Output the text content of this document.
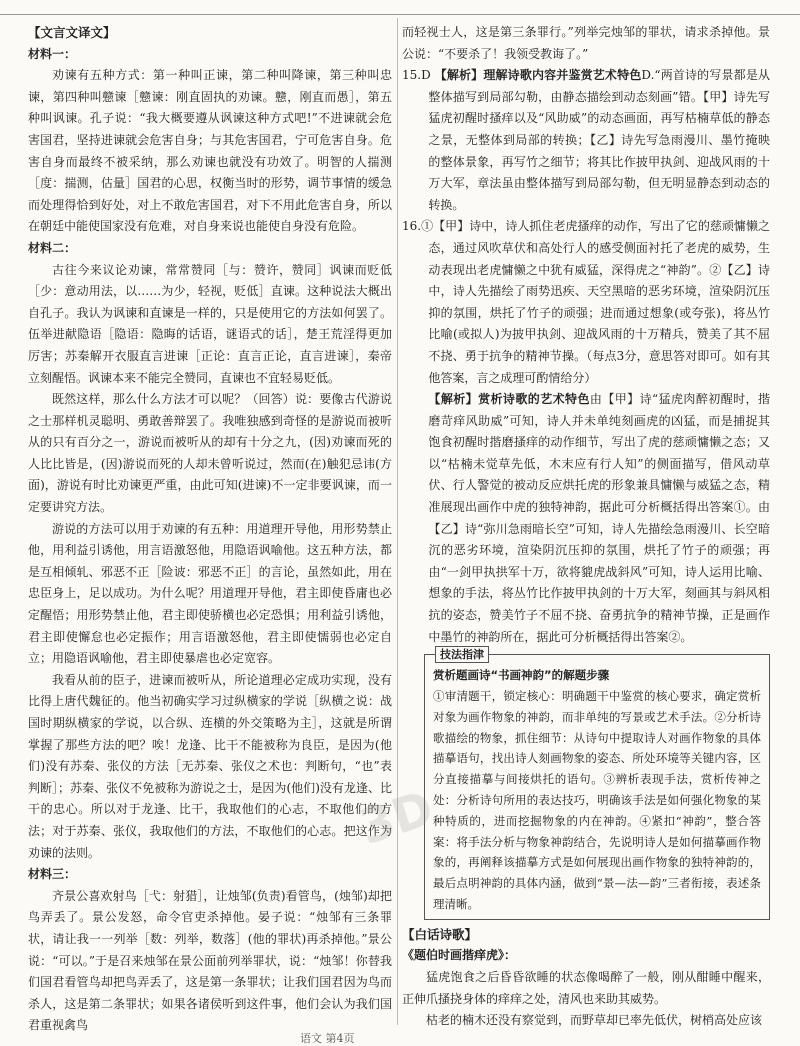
【文言文译文】
材料一：

劝谏有五种方式：第一种叫正谏，第二种叫降谏，第三种叫忠谏，第四种叫戆谏［戆谏：刚直固执的劝谏。戆，刚直而愚］，第五种叫讽谏。孔子说：“我大概要遵从讽谏这种方式吧!”不进谏就会危害国君，坚持进谏就会危害自身；与其危害国君，宁可危害自身。危害自身而最终不被采纳，那么劝谏也就没有功效了。明智的人揣测［度：揣测，估量］国君的心思，权衡当时的形势，调节事情的缓急而处理得恰到好处，对上不敢危害国君，对下不用此危害自身，所以在朝廷中能使国家没有危难，对自身来说也能使自身没有危险。

材料二：

古往今来议论劝谏，常常赞同［与：赞许，赞同］讽谏而贬低［少：意动用法，以……为少，轻视，贬低］直谏。这种说法大概出自孔子。我认为讽谏和直谏是一样的，只是使用它的方法如何罢了。伍举进献隐语［隐语：隐晦的话语，谜语式的话］，楚王荒淫得更加厉害；苏秦解开衣服直言进谏［正论：直言正论，直言进谏］，秦帝立刻醒悟。讽谏本来不能完全赞同，直谏也不宜轻易贬低。

既然这样，那么什么方法才可以呢？（回答）说：要像古代游说之士那样机灵聪明、勇敢善辩罢了。我唯独感到奇怪的是游说而被听从的只有百分之一，游说而被听从的却有十分之九，(因)劝谏而死的人比比皆是，(因)游说而死的人却未曾听说过，然而(在)触犯忌讳(方面)，游说有时比劝谏更严重，由此可知(进谏)不一定非要讽谏，而一定要讲究方法。

游说的方法可以用于劝谏的有五种：用道理开导他，用形势禁止他，用利益引诱他，用言语激怒他，用隐语讽喻他。这五种方法，都是互相倾轧、邪恶不正［险诐：邪恶不正］的言论，虽然如此，用在忠臣身上，足以成功。为什么呢？用道理开导他，君主即使昏庸也必定醒悟；用形势禁止他，君主即使骄横也必定恐惧；用利益引诱他，君主即使懈怠也必定振作；用言语激怒他，君主即使懦弱也必定自立；用隐语讽喻他，君主即使暴虐也必定宽容。

我看从前的臣子，进谏而被听从，所论道理必定成功实现，没有比得上唐代魏征的。他当初确实学习过纵横家的学说［纵横之说：战国时期纵横家的学说，以合纵、连横的外交策略为主］，这就是所谓掌握了那些方法的吧？唉！龙逢、比干不能被称为良臣，是因为(他们)没有苏秦、张仪的方法［无苏秦、张仪之术也：判断句，“也”表判断］；苏秦、张仪不免被称为游说之士，是因为(他们)没有龙逢、比干的忠心。所以对于龙逢、比干，我取他们的心志，不取他们的方法；对于苏秦、张仪，我取他们的方法，不取他们的心志。把这作为劝谏的法则。

材料三：

齐景公喜欢射鸟［弋：射猎］，让烛邹(负责)看管鸟，(烛邹)却把鸟弄丢了。景公发怒，命令官吏杀掉他。晏子说：“烛邹有三条罪状，请让我一一列举［数：列举，数落］(他的罪状)再杀掉他。”景公说：“可以。”于是召来烛邹在景公面前列举罪状，说：“烛邹！你替我们国君看管鸟却把鸟弄丢了，这是第一条罪状；让我们国君因为鸟而杀人，这是第二条罪状；如果各诸侯听到这件事，他们会认为我们国君重视禽鸟

而轻视士人，这是第三条罪行。”列举完烛邹的罪状，请求杀掉他。景公说：“不要杀了！我领受教诲了。”

15.D 【解析】理解诗歌内容并鉴赏艺术特色D.“两首诗的写景都是从整体描写到局部勾勒，由静态描绘到动态刻画”错。【甲】诗先写猛虎初醒时搔痒以及“风助威”的动态画面，再写枯楠草低的静态之景，无整体到局部的转换；【乙】诗先写急雨漫川、墨竹掩映的整体景象，再写竹之细节；将其比作披甲执剑、迎战风雨的十万大军，章法虽由整体描写到局部勾勒，但无明显静态到动态的转换。

16.①【甲】诗中，诗人抓住老虎搔痒的动作，写出了它的慈顽慵懒之态，通过风吹草伏和高处行人的感受侧面衬托了老虎的威势，生动表现出老虎慵懒之中犹有威猛，深得虎之“神韵”。②【乙】诗中，诗人先描绘了雨势迅疾、天空黑暗的恶劣环境，渲染阴沉压抑的氛围，烘托了竹子的顽强；进而通过想象(或夸张)，将丛竹比喻(或拟人)为披甲执剑、迎战风雨的十万精兵，赞美了其不屈不挠、勇于抗争的精神节操。（每点3分，意思答对即可。如有其他答案，言之成理可酌情给分）

【解析】赏析诗歌的艺术特色由【甲】诗“猛虎肉醉初醒时，揩磨苛痒风助威”可知，诗人并未单纯刻画虎的凶猛，而是捕捉其饱食初醒时揩磨搔痒的动作细节，写出了虎的慈顽慵懒之态；又以“枯楠未觉草先低，木末应有行人知”的侧面描写，借风动草伏、行人警觉的被动反应烘托虎的形象兼具慵懒与威猛之态，精准展现出画作中虎的独特神韵，据此可分析概括得出答案①。由【乙】诗“弥川急雨暗长空”可知，诗人先描绘急雨漫川、长空暗沉的恶劣环境，渲染阴沉压抑的氛围，烘托了竹子的顽强；再由“一剑甲执拱军十万，欲将貔虎战斜风”可知，诗人运用比喻、想象的手法，将丛竹比作披甲执剑的十万大军，刻画其与斜风相抗的姿态，赞美竹子不屈不挠、奋勇抗争的精神节操，正是画作中墨竹的神韵所在，据此可分析概括得出答案②。

技法指津
赏析题画诗“书画神韵”的解题步骤

①审清题干，锁定核心：明确题干中鉴赏的核心要求，确定赏析对象为画作物象的神韵，而非单纯的写景或艺术手法。②分析诗歌描绘的物象，抓住细节：从诗句中提取诗人对画作物象的具体描摹语句，找出诗人刻画物象的姿态、所处环境等关键内容，区分直接描摹与间接烘托的语句。③辨析表现手法，赏析传神之处：分析诗句所用的表达技巧，明确该手法是如何强化物象的某种特质的，进而挖掘物象的内在神韵。④紧扣“神韵”，整合答案：将手法分析与物象神韵结合，先说明诗人是如何描摹画作物象的，再阐释该描摹方式是如何展现出画作物象的独特神韵的，最后点明神韵的具体内涵，做到“景—法—韵”三者衔接，表述条理清晰。

【白话诗歌】

《题伯时画揩痒虎》：

猛虎饱食之后昏昏欲睡的状态像喝醉了一般，刚从酣睡中醒来，正伸爪搔挠身体的痒痒之处，清风也来助其威势。

枯老的楠木还没有察觉到，而野草却已率先低伏，树梢高处应该

3D
语文 第4页
